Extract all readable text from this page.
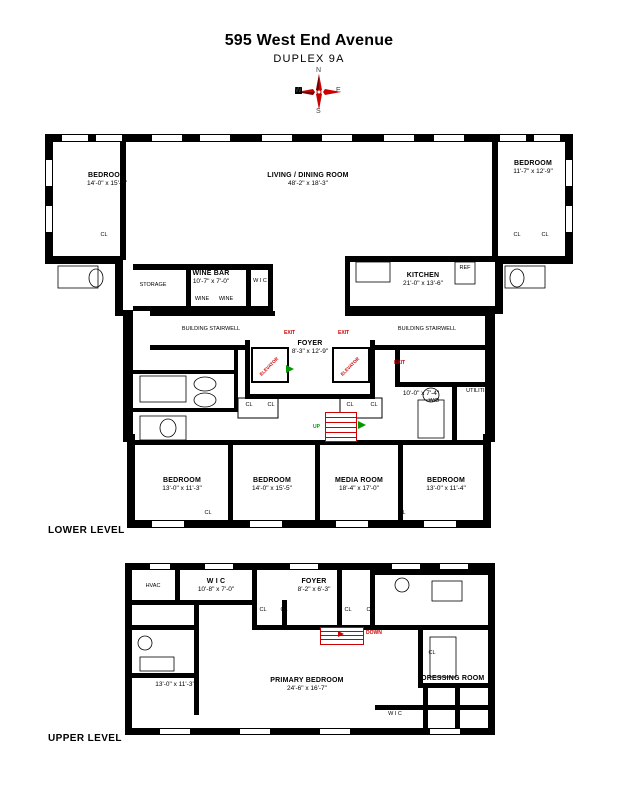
595 West End Avenue
DUPLEX 9A
N
S
E
W
BEDROOM
14'-0" x 15'-5"
LIVING / DINING ROOM
48'-2" x 18'-3"
BEDROOM
11'-7" x 12'-9"
WINE BAR
10'-7" x 7'-0"
KITCHEN
21'-0" x 13'-6"
FOYER
8'-3" x 12'-9"
LAUNDRY
10'-0" x 7'-4"
BEDROOM
13'-0" x 11'-3"
BEDROOM
14'-0" x 15'-5"
MEDIA ROOM
18'-4" x 17'-0"
BEDROOM
13'-0" x 11'-4"
STORAGE
W I C
CL	CL	CL
CL	CL	CL	CL
CL	CL
UTILITIES
REF
WINE	WINE
W/D
BUILDING STAIRWELL	BUILDING STAIRWELL
EXIT	EXIT
EXIT
ELEVATOR	ELEVATOR
UP
LOWER LEVEL
W I C
10'-8" x 7'-0"
FOYER
8'-2" x 6'-3"
STUDY
13'-0" x 11'-3"
PRIMARY BEDROOM
24'-6" x 16'-7"
DRESSING ROOM
9'-2" x 11'-4"
HVAC
CL	CL	CL	CL
CL
W I C
DOWN
UPPER LEVEL
